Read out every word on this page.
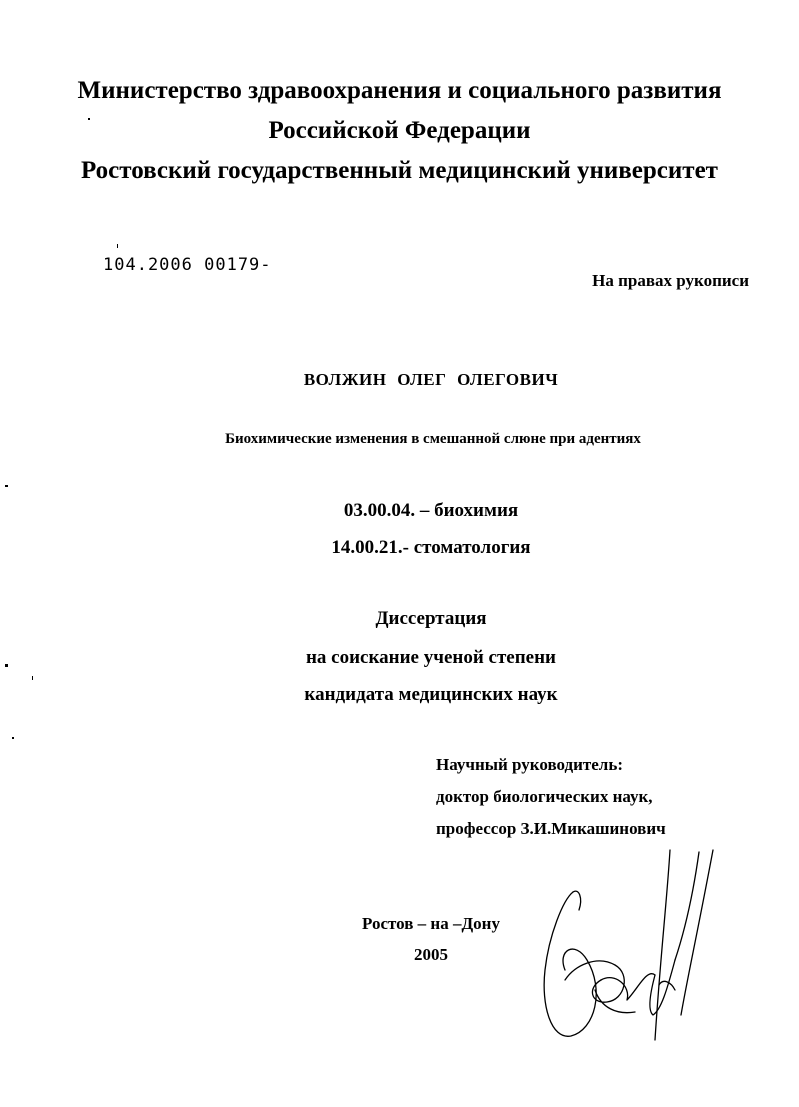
Министерство здравоохранения и социального развития
Российской Федерации
Ростовский государственный медицинский университет
104.2006 00179-
На правах рукописи
ВОЛЖИН ОЛЕГ ОЛЕГОВИЧ
Биохимические изменения в смешанной слюне при адентиях
03.00.04. – биохимия
14.00.21.- стоматология
Диссертация
на соискание ученой степени
кандидата медицинских наук
Научный руководитель:
доктор биологических наук,
профессор З.И.Микашинович
Ростов – на –Дону
2005
